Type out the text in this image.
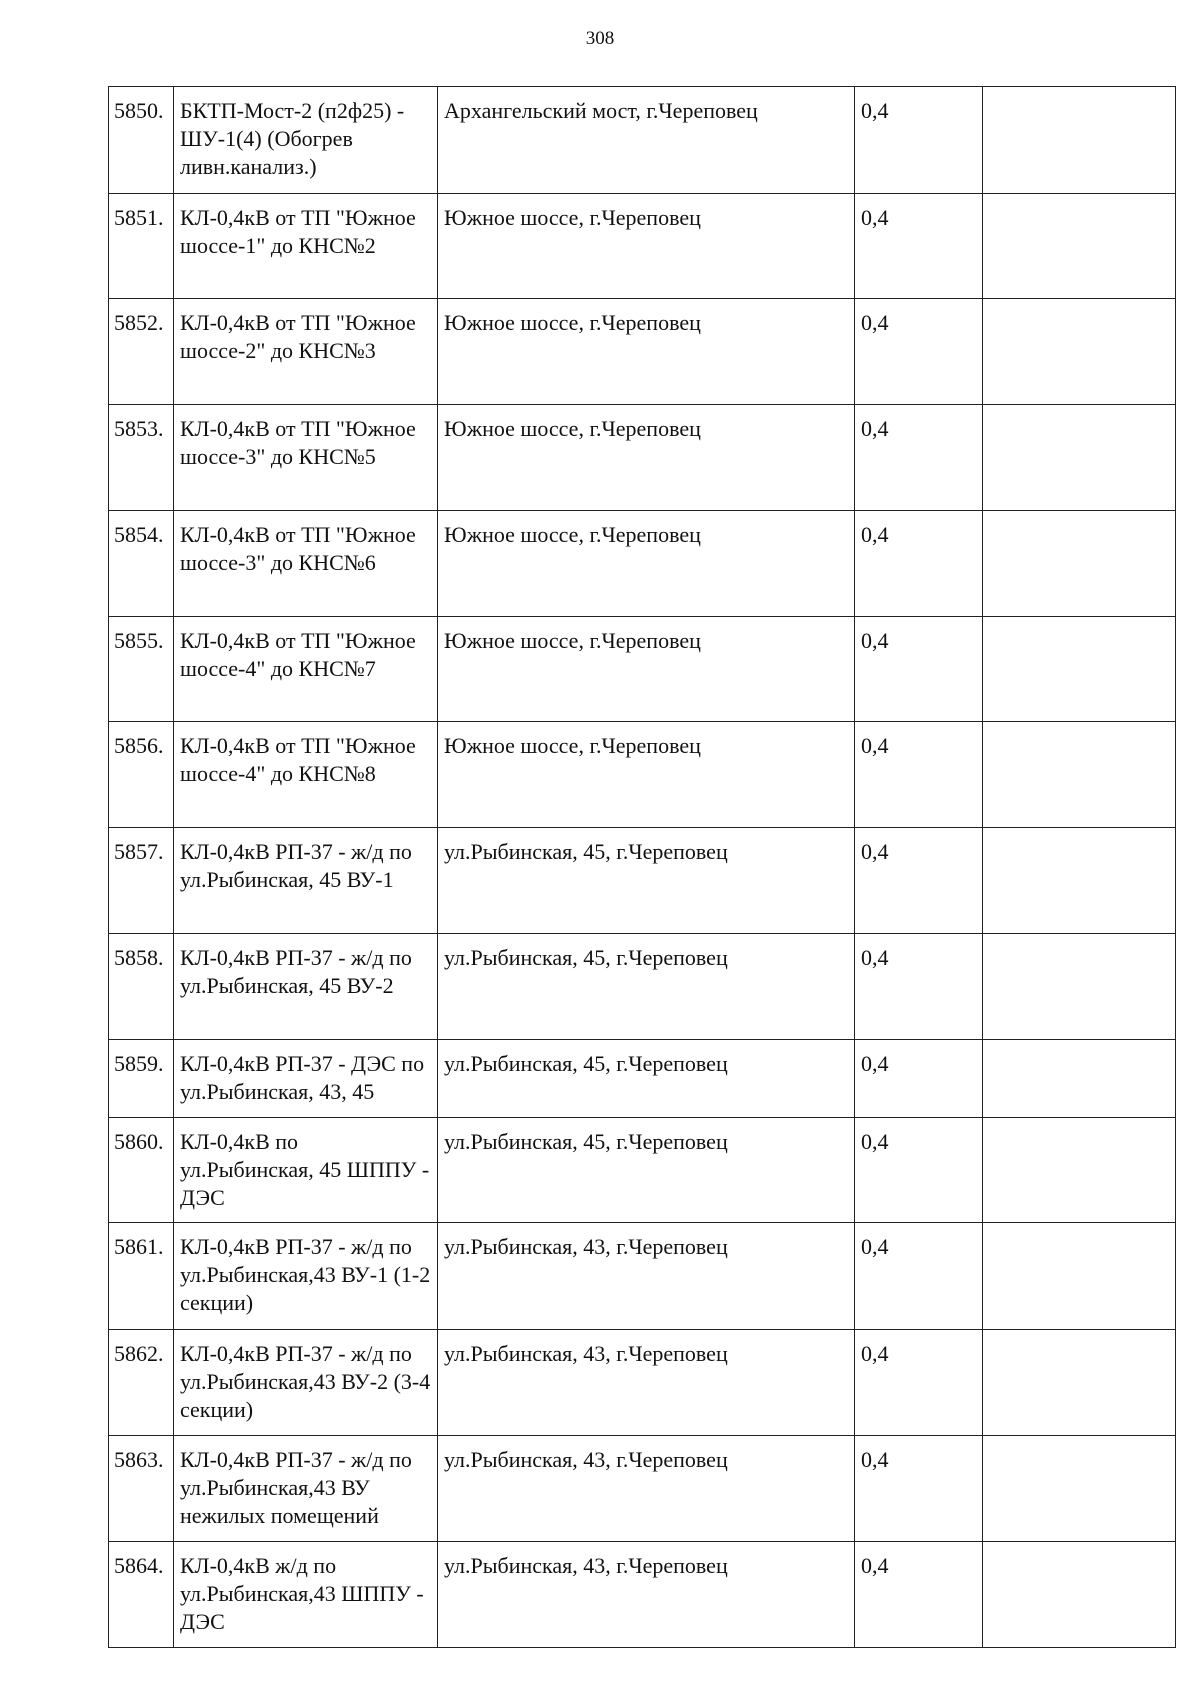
308
5850.	БКТП-Мост-2 (п2ф25) - ШУ-1(4) (Обогрев ливн.канализ.)	Архангельский мост, г.Череповец	0,4	
5851.	КЛ-0,4кВ от ТП "Южное шоссе-1" до КНС№2	Южное шоссе, г.Череповец	0,4	
5852.	КЛ-0,4кВ от ТП "Южное шоссе-2" до КНС№3	Южное шоссе, г.Череповец	0,4	
5853.	КЛ-0,4кВ от ТП "Южное шоссе-3" до КНС№5	Южное шоссе, г.Череповец	0,4	
5854.	КЛ-0,4кВ от ТП "Южное шоссе-3" до КНС№6	Южное шоссе, г.Череповец	0,4	
5855.	КЛ-0,4кВ от ТП "Южное шоссе-4" до КНС№7	Южное шоссе, г.Череповец	0,4	
5856.	КЛ-0,4кВ от ТП "Южное шоссе-4" до КНС№8	Южное шоссе, г.Череповец	0,4	
5857.	КЛ-0,4кВ РП-37 - ж/д по ул.Рыбинская, 45 ВУ-1	ул.Рыбинская, 45, г.Череповец	0,4	
5858.	КЛ-0,4кВ РП-37 - ж/д по ул.Рыбинская, 45 ВУ-2	ул.Рыбинская, 45, г.Череповец	0,4	
5859.	КЛ-0,4кВ РП-37 - ДЭС по ул.Рыбинская, 43, 45	ул.Рыбинская, 45, г.Череповец	0,4	
5860.	КЛ-0,4кВ по ул.Рыбинская, 45 ШППУ - ДЭС	ул.Рыбинская, 45, г.Череповец	0,4	
5861.	КЛ-0,4кВ РП-37 - ж/д по ул.Рыбинская,43 ВУ-1 (1-2 секции)	ул.Рыбинская, 43, г.Череповец	0,4	
5862.	КЛ-0,4кВ РП-37 - ж/д по ул.Рыбинская,43 ВУ-2 (3-4 секции)	ул.Рыбинская, 43, г.Череповец	0,4	
5863.	КЛ-0,4кВ РП-37 - ж/д по ул.Рыбинская,43 ВУ нежилых помещений	ул.Рыбинская, 43, г.Череповец	0,4	
5864.	КЛ-0,4кВ ж/д по ул.Рыбинская,43 ШППУ - ДЭС	ул.Рыбинская, 43, г.Череповец	0,4	
